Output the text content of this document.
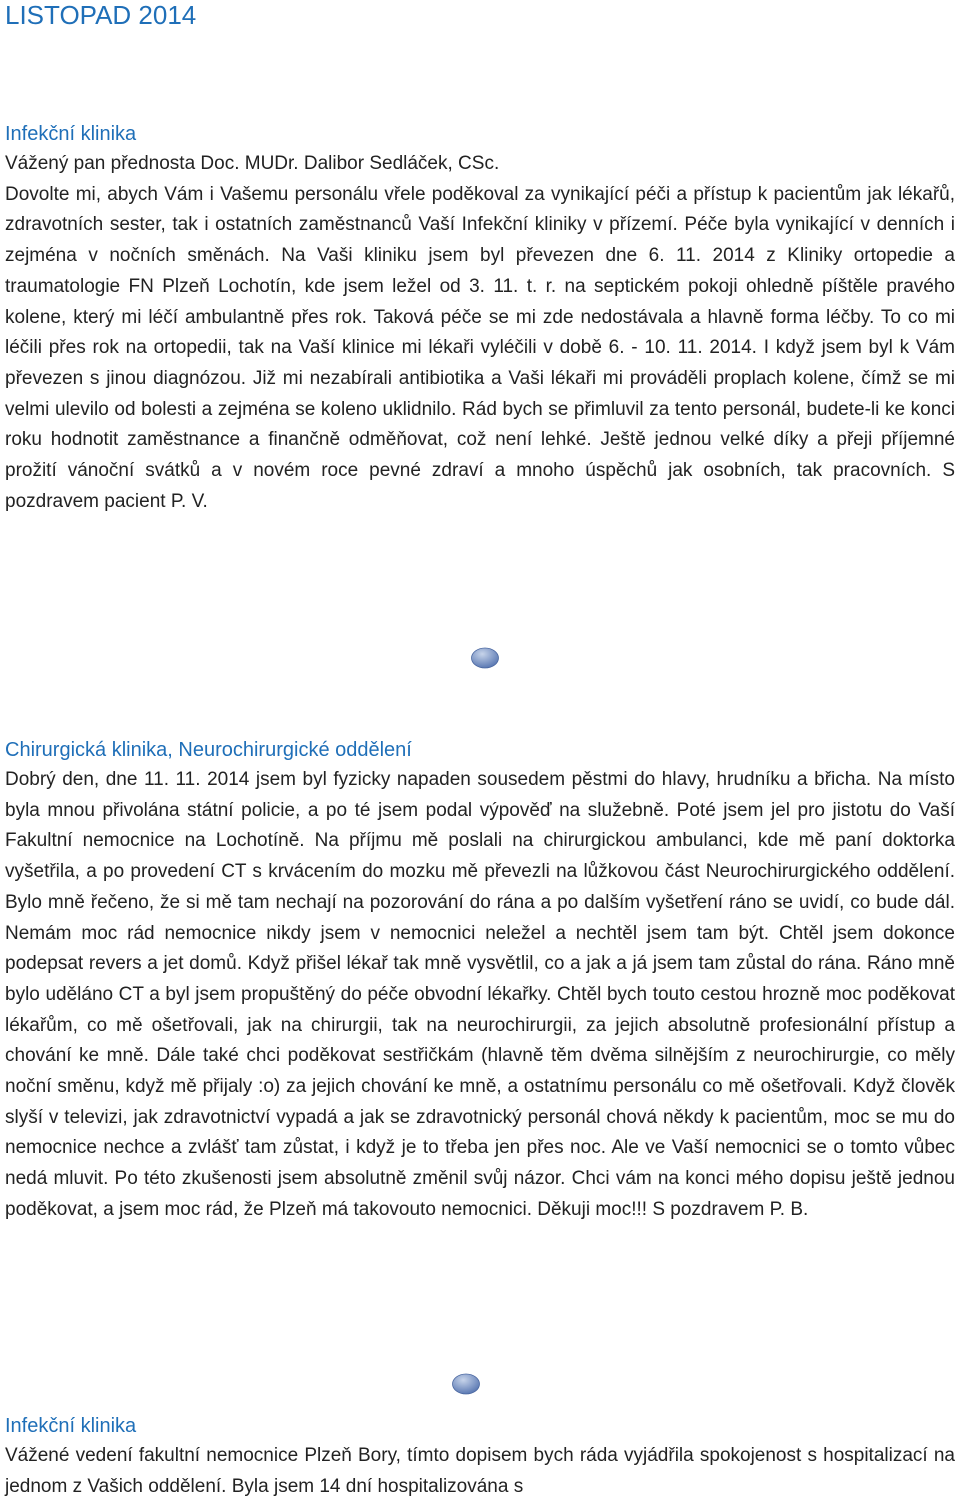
LISTOPAD 2014
Infekční klinika

Vážený pan přednosta Doc. MUDr. Dalibor Sedláček, CSc.

Dovolte mi, abych Vám i Vašemu personálu vřele poděkoval za vynikající péči a přístup k pacientům jak lékařů, zdravotních sester, tak i ostatních zaměstnanců Vaší Infekční kliniky v přízemí. Péče byla vynikající v denních i zejména v nočních směnách. Na Vaši kliniku jsem byl převezen dne 6. 11. 2014 z Kliniky ortopedie a traumatologie FN Plzeň Lochotín, kde jsem ležel od 3. 11. t. r. na septickém pokoji ohledně píštěle pravého kolene, který mi léčí ambulantně přes rok. Taková péče se mi zde nedostávala a hlavně forma léčby. To co mi léčili přes rok na ortopedii, tak na Vaší klinice mi lékaři vyléčili v době 6. - 10. 11. 2014. I když jsem byl k Vám převezen s jinou diagnózou. Již mi nezabírali antibiotika a Vaši lékaři mi prováděli proplach kolene, čímž se mi velmi ulevilo od bolesti a zejména se koleno uklidnilo. Rád bych se přimluvil za tento personál, budete-li ke konci roku hodnotit zaměstnance a finančně odměňovat, což není lehké. Ještě jednou velké díky a přeji příjemné prožití vánoční svátků a v novém roce pevné zdraví a mnoho úspěchů jak osobních, tak pracovních. S pozdravem pacient P. V.

Chirurgická klinika, Neurochirurgické oddělení

Dobrý den, dne 11. 11. 2014 jsem byl fyzicky napaden sousedem pěstmi do hlavy, hrudníku a břicha. Na místo byla mnou přivolána státní policie, a po té jsem podal výpověď na služebně. Poté jsem jel pro jistotu do Vaší Fakultní nemocnice na Lochotíně. Na příjmu mě poslali na chirurgickou ambulanci, kde mě paní doktorka vyšetřila, a po provedení CT s krvácením do mozku mě převezli na lůžkovou část Neurochirurgického oddělení. Bylo mně řečeno, že si mě tam nechají na pozorování do rána a po dalším vyšetření ráno se uvidí, co bude dál. Nemám moc rád nemocnice nikdy jsem v nemocnici neležel a nechtěl jsem tam být. Chtěl jsem dokonce podepsat revers a jet domů. Když přišel lékař tak mně vysvětlil, co a jak a já jsem tam zůstal do rána. Ráno mně bylo uděláno CT a byl jsem propuštěný do péče obvodní lékařky. Chtěl bych touto cestou hrozně moc poděkovat lékařům, co mě ošetřovali, jak na chirurgii, tak na neurochirurgii, za jejich absolutně profesionální přístup a chování ke mně. Dále také chci poděkovat sestřičkám (hlavně těm dvěma silnějším z neurochirurgie, co měly noční směnu, když mě přijaly :o) za jejich chování ke mně, a ostatnímu personálu co mě ošetřovali. Když člověk slyší v televizi, jak zdravotnictví vypadá a jak se zdravotnický personál chová někdy k pacientům, moc se mu do nemocnice nechce a zvlášť tam zůstat, i když je to třeba jen přes noc. Ale ve Vaší nemocnici se o tomto vůbec nedá mluvit. Po této zkušenosti jsem absolutně změnil svůj názor. Chci vám na konci mého dopisu ještě jednou poděkovat, a jsem moc rád, že Plzeň má takovouto nemocnici. Děkuji moc!!! S pozdravem P. B.

Infekční klinika

Vážené vedení fakultní nemocnice Plzeň Bory, tímto dopisem bych ráda vyjádřila spokojenost s hospitalizací na jednom z Vašich oddělení. Byla jsem 14 dní hospitalizována s
